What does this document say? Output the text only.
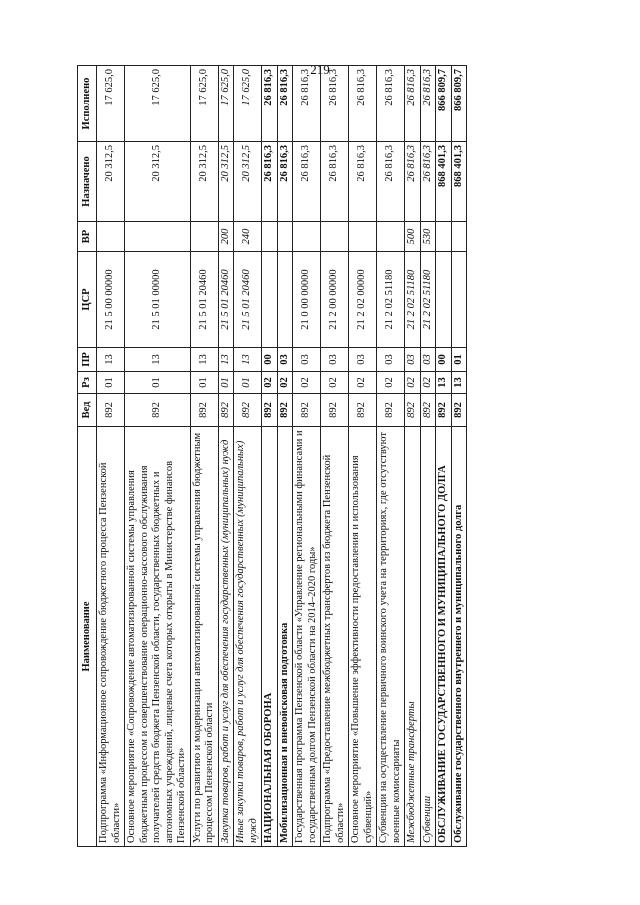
219
Наименование	Вед	Рз	ПР	ЦСР	ВР	Назначено	Исполнено
Подпрограмма «Информационное сопровождение бюджетного процесса Пензенской области»	892	01	13	21 5 00 00000		20 312,5	17 625,0
Основное мероприятие «Сопровождение автоматизированной системы управления бюджетным процессом и совершенствование операционно-кассового обслуживания получателей средств бюджета Пензенской области, государственных бюджетных и автономных учреждений, лицевые счета которых открыты в Министерстве финансов Пензенской области»	892	01	13	21 5 01 00000		20 312,5	17 625,0
Услуги по развитию и модернизации автоматизированной системы управления бюджетным процессом Пензенской области	892	01	13	21 5 01 20460		20 312,5	17 625,0
Закупка товаров, работ и услуг для обеспечения государственных (муниципальных) нужд	892	01	13	21 5 01 20460	200	20 312,5	17 625,0
Иные закупки товаров, работ и услуг для обеспечения государственных (муниципальных) нужд	892	01	13	21 5 01 20460	240	20 312,5	17 625,0
НАЦИОНАЛЬНАЯ ОБОРОНА	892	02	00			26 816,3	26 816,3
Мобилизационная и вневойсковая подготовка	892	02	03			26 816,3	26 816,3
Государственная программа Пензенской области «Управление региональными финансами и государственным долгом Пензенской области на 2014–2020 годы»	892	02	03	21 0 00 00000		26 816,3	26 816,3
Подпрограмма «Предоставление межбюджетных трансфертов из бюджета Пензенской области»	892	02	03	21 2 00 00000		26 816,3	26 816,3
Основное мероприятие «Повышение эффективности предоставления и использования субвенций»	892	02	03	21 2 02 00000		26 816,3	26 816,3
Субвенции на осуществление первичного воинского учета на территориях, где отсутствуют военные комиссариаты	892	02	03	21 2 02 51180		26 816,3	26 816,3
Межбюджетные трансферты	892	02	03	21 2 02 51180	500	26 816,3	26 816,3
Субвенции	892	02	03	21 2 02 51180	530	26 816,3	26 816,3
ОБСЛУЖИВАНИЕ ГОСУДАРСТВЕННОГО И МУНИЦИПАЛЬНОГО ДОЛГА	892	13	00			868 401,3	866 809,7
Обслуживание государственного внутреннего и муниципального долга	892	13	01			868 401,3	866 809,7
